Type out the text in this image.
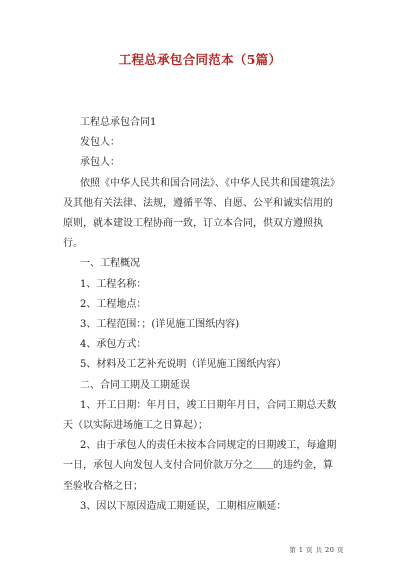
工程总承包合同范本（5篇）

工程总承包合同1

发包人：

承包人：

依照《中华人民共和国合同法》、《中华人民共和国建筑法》及其他有关法律、法规，遵循平等、自愿、公平和诚实信用的原则，就本建设工程协商一致，订立本合同，供双方遵照执行。

一、工程概况

1、工程名称：

2、工程地点：

3、工程范围：；(详见施工图纸内容)

4、承包方式：

5、材料及工艺补充说明（详见施工图纸内容）

二、合同工期及工期延误

1、开工日期：年月日，竣工日期年月日，合同工期总天数天（以实际进场施工之日算起）；

2、由于承包人的责任未按本合同规定的日期竣工，每逾期一日，承包人向发包人支付合同价款万分之＿＿的违约金，算至验收合格之日；

3、因以下原因造成工期延误，工期相应顺延：

第 1 页 共 20 页
